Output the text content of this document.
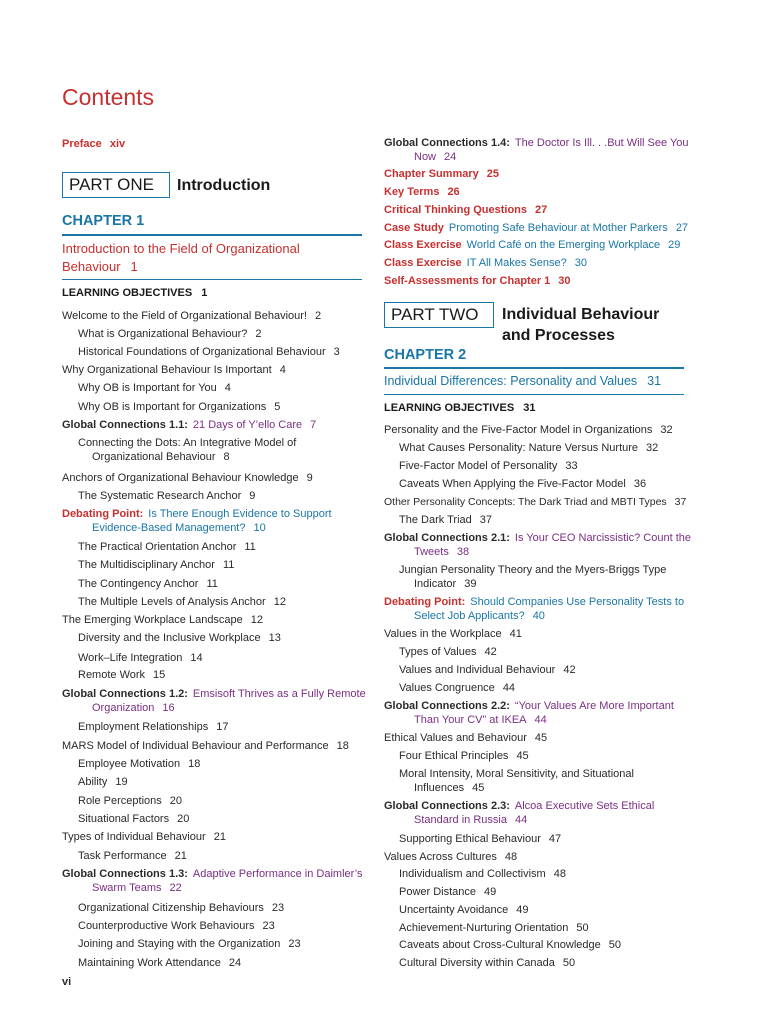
Contents
Preface xiv
PART ONE	Introduction
CHAPTER 1
Introduction to the Field of Organizational
Behaviour 1
LEARNING OBJECTIVES 1
Welcome to the Field of Organizational Behaviour! 2
What is Organizational Behaviour? 2
Historical Foundations of Organizational Behaviour 3
Why Organizational Behaviour Is Important 4
Why OB is Important for You 4
Why OB is Important for Organizations 5
Global Connections 1.1: 21 Days of Y’ello Care 7
Connecting the Dots: An Integrative Model of
Organizational Behaviour 8
Anchors of Organizational Behaviour Knowledge 9
The Systematic Research Anchor 9
Debating Point: Is There Enough Evidence to Support
Evidence-Based Management? 10
The Practical Orientation Anchor 11
The Multidisciplinary Anchor 11
The Contingency Anchor 11
The Multiple Levels of Analysis Anchor 12
The Emerging Workplace Landscape 12
Diversity and the Inclusive Workplace 13
Work–Life Integration 14
Remote Work 15
Global Connections 1.2: Emsisoft Thrives as a Fully Remote
Organization 16
Employment Relationships 17
MARS Model of Individual Behaviour and Performance 18
Employee Motivation 18
Ability 19
Role Perceptions 20
Situational Factors 20
Types of Individual Behaviour 21
Task Performance 21
Global Connections 1.3: Adaptive Performance in Daimler’s
Swarm Teams 22
Organizational Citizenship Behaviours 23
Counterproductive Work Behaviours 23
Joining and Staying with the Organization 23
Maintaining Work Attendance 24
Global Connections 1.4: The Doctor Is Ill. . .But Will See You
Now 24
Chapter Summary 25
Key Terms 26
Critical Thinking Questions 27
Case Study Promoting Safe Behaviour at Mother Parkers 27
Class Exercise World Café on the Emerging Workplace 29
Class Exercise IT All Makes Sense? 30
Self-Assessments for Chapter 1 30
PART TWO	Individual Behaviour
and Processes
CHAPTER 2
Individual Differences: Personality and Values 31
LEARNING OBJECTIVES 31
Personality and the Five-Factor Model in Organizations 32
What Causes Personality: Nature Versus Nurture 32
Five-Factor Model of Personality 33
Caveats When Applying the Five-Factor Model 36
Other Personality Concepts: The Dark Triad and MBTI Types 37
The Dark Triad 37
Global Connections 2.1: Is Your CEO Narcissistic? Count the
Tweets 38
Jungian Personality Theory and the Myers-Briggs Type
Indicator 39
Debating Point: Should Companies Use Personality Tests to
Select Job Applicants? 40
Values in the Workplace 41
Types of Values 42
Values and Individual Behaviour 42
Values Congruence 44
Global Connections 2.2: “Your Values Are More Important
Than Your CV” at IKEA 44
Ethical Values and Behaviour 45
Four Ethical Principles 45
Moral Intensity, Moral Sensitivity, and Situational
Influences 45
Global Connections 2.3: Alcoa Executive Sets Ethical
Standard in Russia 44
Supporting Ethical Behaviour 47
Values Across Cultures 48
Individualism and Collectivism 48
Power Distance 49
Uncertainty Avoidance 49
Achievement-Nurturing Orientation 50
Caveats about Cross-Cultural Knowledge 50
Cultural Diversity within Canada 50
vi
